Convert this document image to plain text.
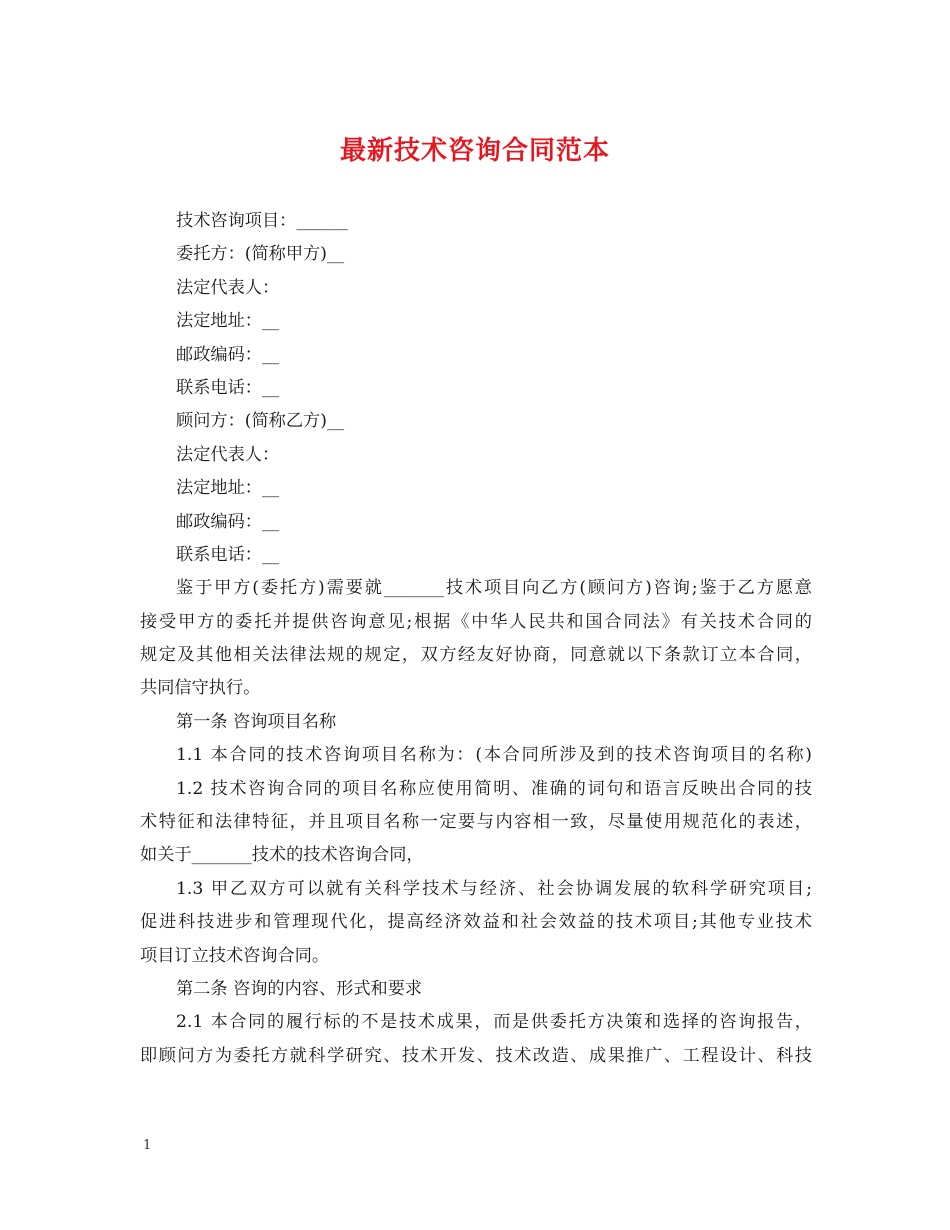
最新技术咨询合同范本
技术咨询项目：______
委托方：(简称甲方)__
法定代表人：
法定地址：__
邮政编码：__
联系电话：__
顾问方：(简称乙方)__
法定代表人：
法定地址：__
邮政编码：__
联系电话：__
鉴于甲方(委托方)需要就_______技术项目向乙方(顾问方)咨询;鉴于乙方愿意
接受甲方的委托并提供咨询意见;根据《中华人民共和国合同法》有关技术合同的
规定及其他相关法律法规的规定，双方经友好协商，同意就以下条款订立本合同，
共同信守执行。
第一条 咨询项目名称
1.1 本合同的技术咨询项目名称为：(本合同所涉及到的技术咨询项目的名称)
1.2 技术咨询合同的项目名称应使用简明、准确的词句和语言反映出合同的技
术特征和法律特征，并且项目名称一定要与内容相一致，尽量使用规范化的表述，
如关于_______技术的技术咨询合同，
1.3 甲乙双方可以就有关科学技术与经济、社会协调发展的软科学研究项目;
促进科技进步和管理现代化，提高经济效益和社会效益的技术项目;其他专业技术
项目订立技术咨询合同。
第二条 咨询的内容、形式和要求
2.1 本合同的履行标的不是技术成果，而是供委托方决策和选择的咨询报告，
即顾问方为委托方就科学研究、技术开发、技术改造、成果推广、工程设计、科技
1
